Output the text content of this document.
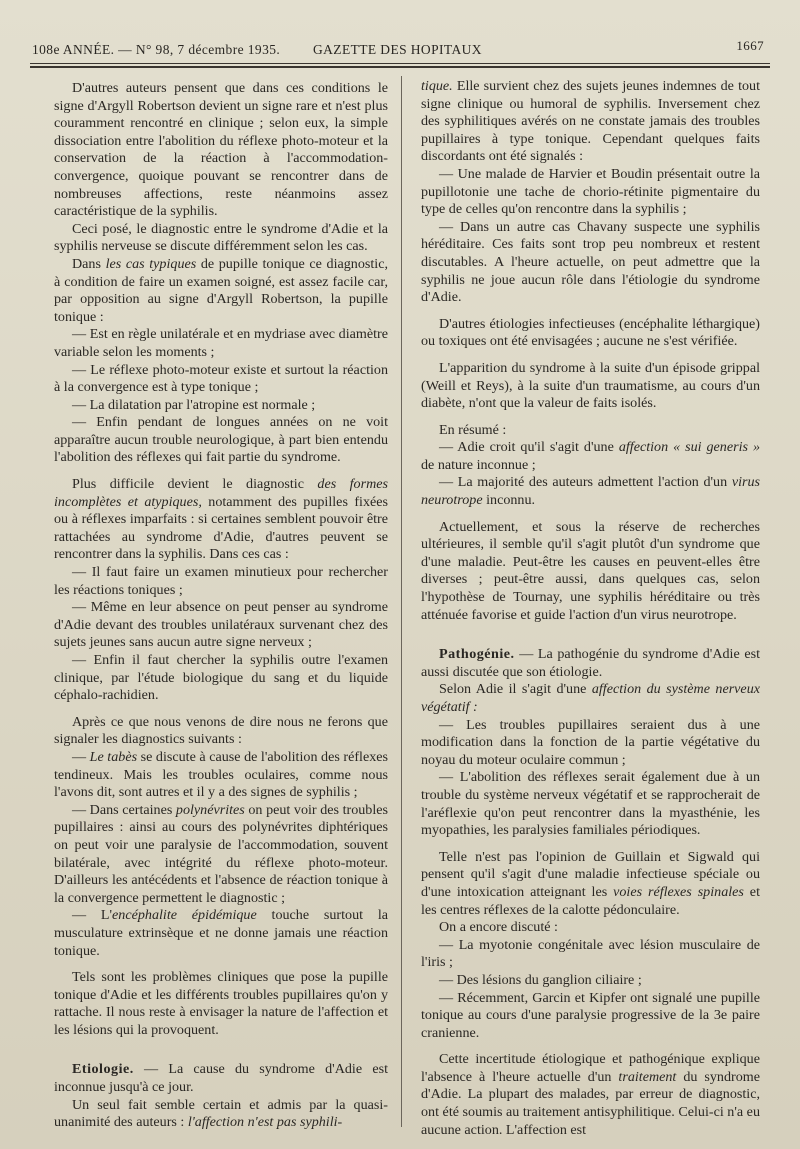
108e ANNÉE. — N° 98, 7 décembre 1935. GAZETTE DES HOPITAUX	1667

D'autres auteurs pensent que dans ces conditions le signe d'Argyll Robertson devient un signe rare et n'est plus couramment rencontré en clinique ; selon eux, la simple dissociation entre l'abolition du réflexe photo-moteur et la conservation de la réaction à l'accommodation-convergence, quoique pouvant se rencontrer dans de nombreuses affections, reste néanmoins assez caractéristique de la syphilis.

Ceci posé, le diagnostic entre le syndrome d'Adie et la syphilis nerveuse se discute différemment selon les cas.

Dans les cas typiques de pupille tonique ce diagnostic, à condition de faire un examen soigné, est assez facile car, par opposition au signe d'Argyll Robertson, la pupille tonique :

— Est en règle unilatérale et en mydriase avec diamètre variable selon les moments ;

— Le réflexe photo-moteur existe et surtout la réaction à la convergence est à type tonique ;

— La dilatation par l'atropine est normale ;

— Enfin pendant de longues années on ne voit apparaître aucun trouble neurologique, à part bien entendu l'abolition des réflexes qui fait partie du syndrome.

Plus difficile devient le diagnostic des formes incomplètes et atypiques, notamment des pupilles fixées ou à réflexes imparfaits : si certaines semblent pouvoir être rattachées au syndrome d'Adie, d'autres peuvent se rencontrer dans la syphilis. Dans ces cas :

— Il faut faire un examen minutieux pour rechercher les réactions toniques ;

— Même en leur absence on peut penser au syndrome d'Adie devant des troubles unilatéraux survenant chez des sujets jeunes sans aucun autre signe nerveux ;

— Enfin il faut chercher la syphilis outre l'examen clinique, par l'étude biologique du sang et du liquide céphalo-rachidien.

Après ce que nous venons de dire nous ne ferons que signaler les diagnostics suivants :

— Le tabès se discute à cause de l'abolition des réflexes tendineux. Mais les troubles oculaires, comme nous l'avons dit, sont autres et il y a des signes de syphilis ;

— Dans certaines polynévrites on peut voir des troubles pupillaires : ainsi au cours des polynévrites diphtériques on peut voir une paralysie de l'accommodation, souvent bilatérale, avec intégrité du réflexe photo-moteur. D'ailleurs les antécédents et l'absence de réaction tonique à la convergence permettent le diagnostic ;

— L'encéphalite épidémique touche surtout la musculature extrinsèque et ne donne jamais une réaction tonique.

Tels sont les problèmes cliniques que pose la pupille tonique d'Adie et les différents troubles pupillaires qu'on y rattache. Il nous reste à envisager la nature de l'affection et les lésions qui la provoquent.

Etiologie. — La cause du syndrome d'Adie est inconnue jusqu'à ce jour.

Un seul fait semble certain et admis par la quasi-unanimité des auteurs : l'affection n'est pas syphili-

tique. Elle survient chez des sujets jeunes indemnes de tout signe clinique ou humoral de syphilis. Inversement chez des syphilitiques avérés on ne constate jamais des troubles pupillaires à type tonique. Cependant quelques faits discordants ont été signalés :

— Une malade de Harvier et Boudin présentait outre la pupillotonie une tache de chorio-rétinite pigmentaire du type de celles qu'on rencontre dans la syphilis ;

— Dans un autre cas Chavany suspecte une syphilis héréditaire. Ces faits sont trop peu nombreux et restent discutables. A l'heure actuelle, on peut admettre que la syphilis ne joue aucun rôle dans l'étiologie du syndrome d'Adie.

D'autres étiologies infectieuses (encéphalite léthargique) ou toxiques ont été envisagées ; aucune ne s'est vérifiée.

L'apparition du syndrome à la suite d'un épisode grippal (Weill et Reys), à la suite d'un traumatisme, au cours d'un diabète, n'ont que la valeur de faits isolés.

En résumé :

— Adie croit qu'il s'agit d'une affection « sui generis » de nature inconnue ;

— La majorité des auteurs admettent l'action d'un virus neurotrope inconnu.

Actuellement, et sous la réserve de recherches ultérieures, il semble qu'il s'agit plutôt d'un syndrome que d'une maladie. Peut-être les causes en peuvent-elles être diverses ; peut-être aussi, dans quelques cas, selon l'hypothèse de Tournay, une syphilis héréditaire ou très atténuée favorise et guide l'action d'un virus neurotrope.

Pathogénie. — La pathogénie du syndrome d'Adie est aussi discutée que son étiologie.

Selon Adie il s'agit d'une affection du système nerveux végétatif :

— Les troubles pupillaires seraient dus à une modification dans la fonction de la partie végétative du noyau du moteur oculaire commun ;

— L'abolition des réflexes serait également due à un trouble du système nerveux végétatif et se rapprocherait de l'aréflexie qu'on peut rencontrer dans la myasthénie, les myopathies, les paralysies familiales périodiques.

Telle n'est pas l'opinion de Guillain et Sigwald qui pensent qu'il s'agit d'une maladie infectieuse spéciale ou d'une intoxication atteignant les voies réflexes spinales et les centres réflexes de la calotte pédonculaire.

On a encore discuté :

— La myotonie congénitale avec lésion musculaire de l'iris ;

— Des lésions du ganglion ciliaire ;

— Récemment, Garcin et Kipfer ont signalé une pupille tonique au cours d'une paralysie progressive de la 3e paire cranienne.

Cette incertitude étiologique et pathogénique explique l'absence à l'heure actuelle d'un traitement du syndrome d'Adie. La plupart des malades, par erreur de diagnostic, ont été soumis au traitement antisyphilitique. Celui-ci n'a eu aucune action. L'affection est
